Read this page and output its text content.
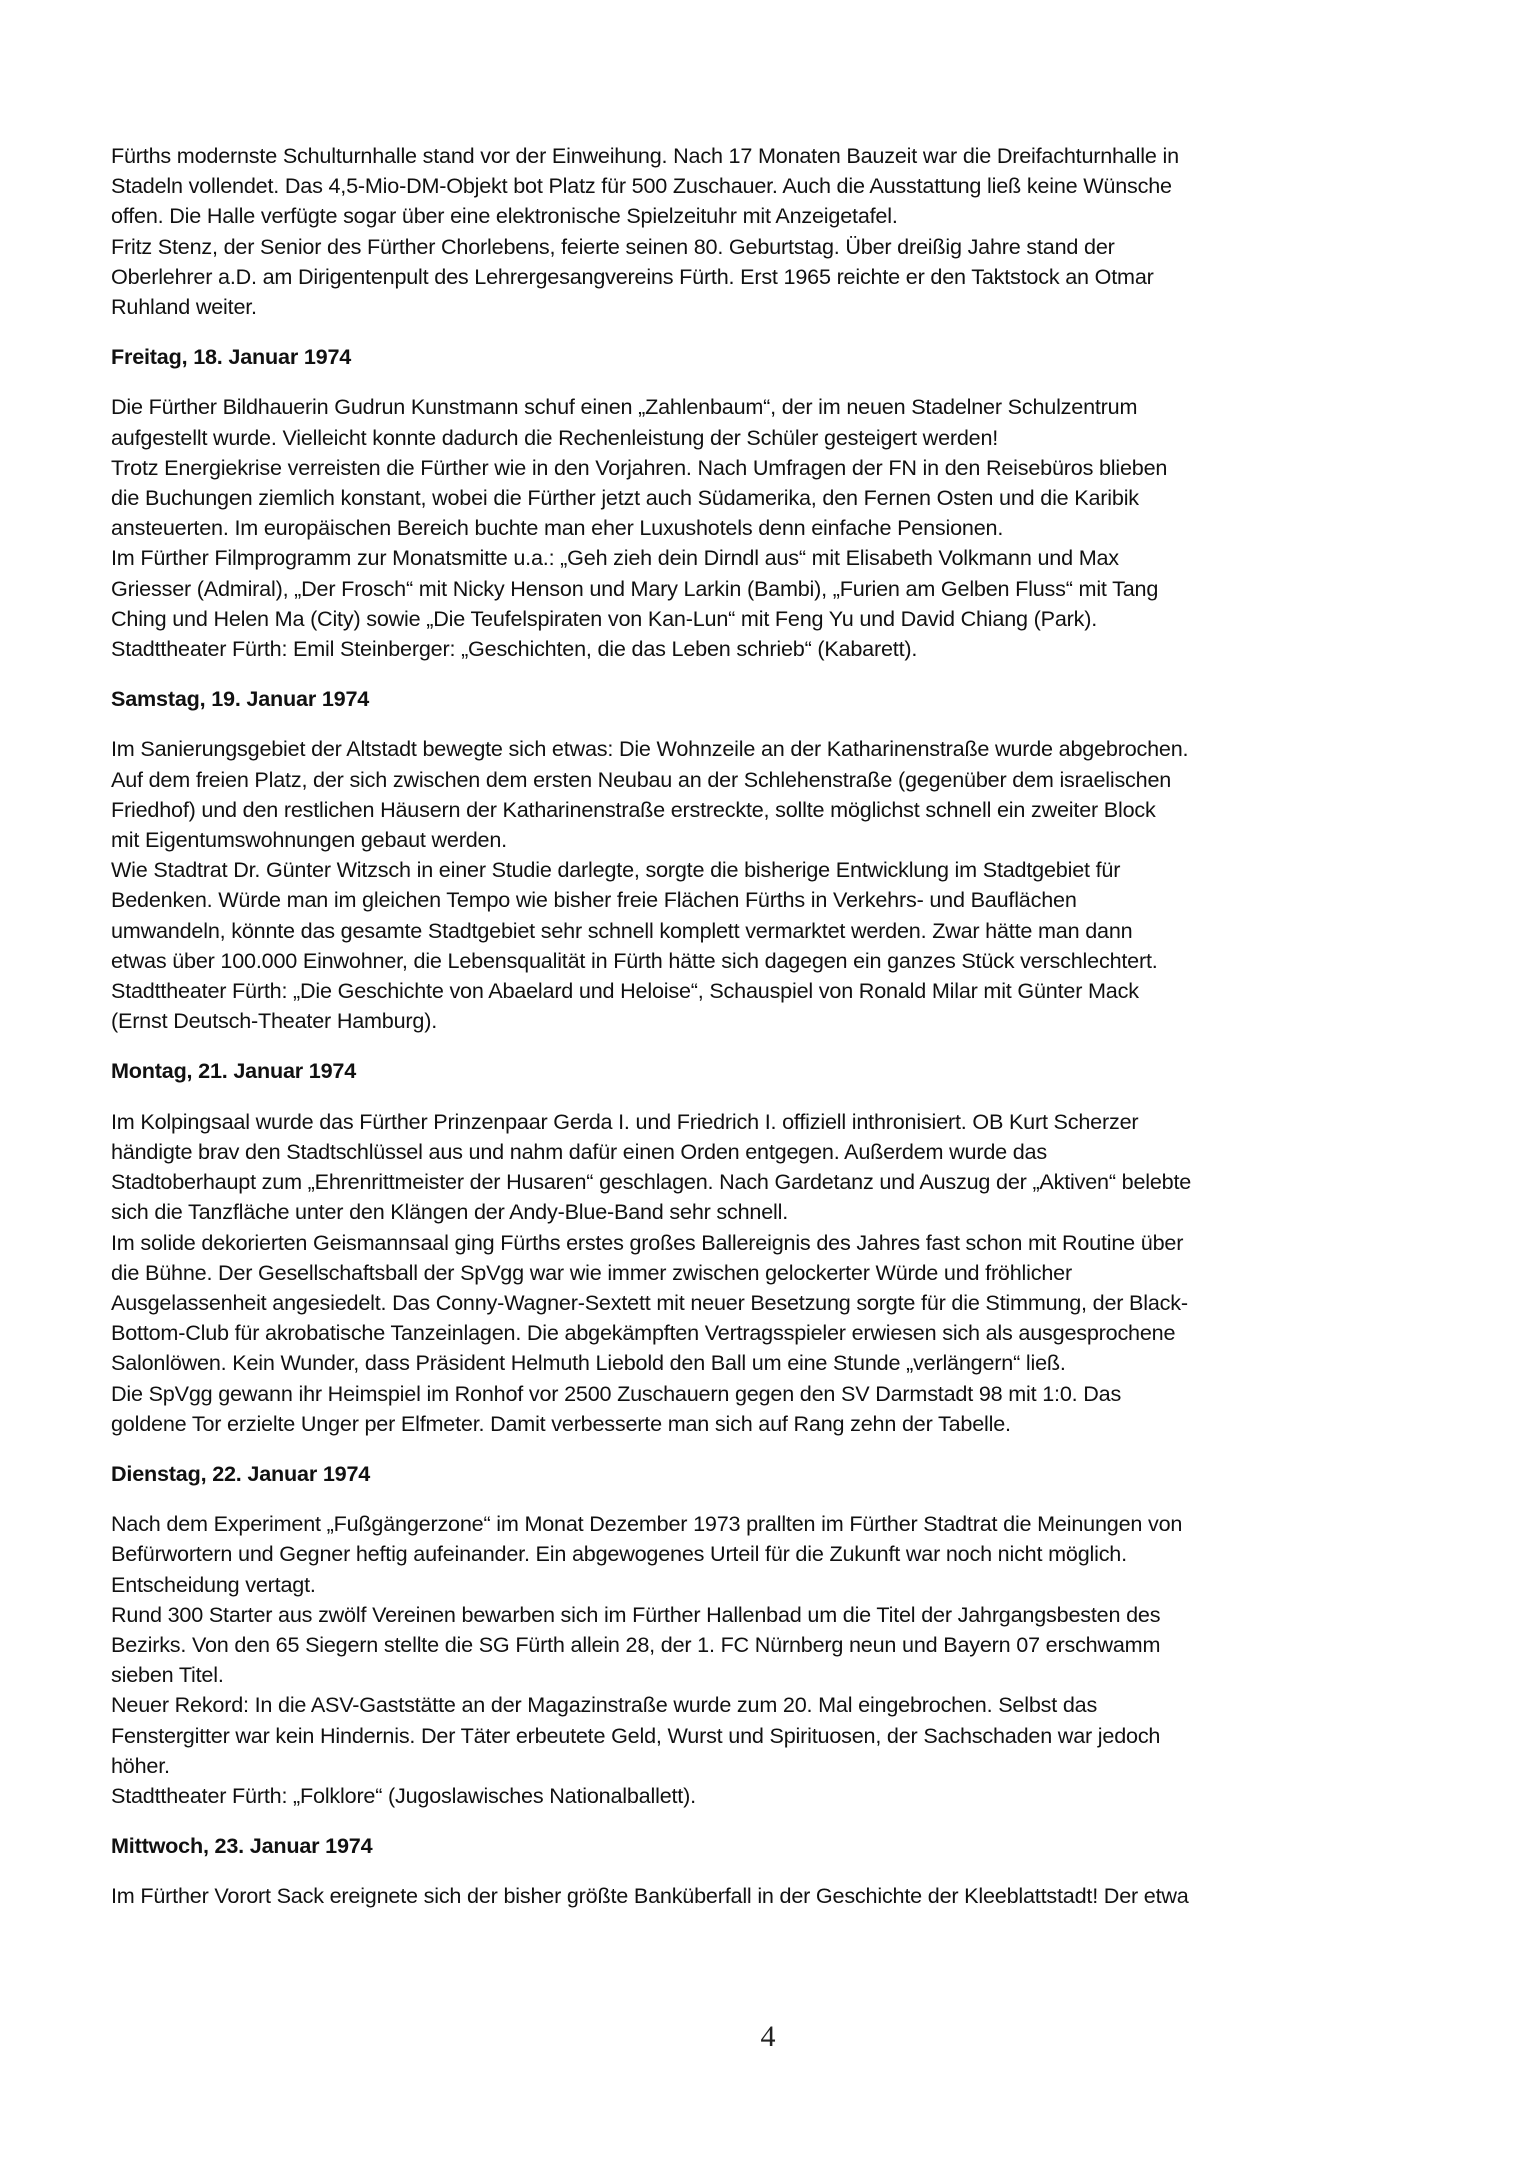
Fürths modernste Schulturnhalle stand vor der Einweihung. Nach 17 Monaten Bauzeit war die Dreifachturnhalle in

Stadeln vollendet. Das 4,5-Mio-DM-Objekt bot Platz für 500 Zuschauer. Auch die Ausstattung ließ keine Wünsche

offen. Die Halle verfügte sogar über eine elektronische Spielzeituhr mit Anzeigetafel.

Fritz Stenz, der Senior des Fürther Chorlebens, feierte seinen 80. Geburtstag. Über dreißig Jahre stand der

Oberlehrer a.D. am Dirigentenpult des Lehrergesangvereins Fürth. Erst 1965 reichte er den Taktstock an Otmar

Ruhland weiter.

Freitag, 18. Januar 1974

Die Fürther Bildhauerin Gudrun Kunstmann schuf einen „Zahlenbaum“, der im neuen Stadelner Schulzentrum

aufgestellt wurde. Vielleicht konnte dadurch die Rechenleistung der Schüler gesteigert werden!

Trotz Energiekrise verreisten die Fürther wie in den Vorjahren. Nach Umfragen der FN in den Reisebüros blieben

die Buchungen ziemlich konstant, wobei die Fürther jetzt auch Südamerika, den Fernen Osten und die Karibik

ansteuerten. Im europäischen Bereich buchte man eher Luxushotels denn einfache Pensionen.

Im Fürther Filmprogramm zur Monatsmitte u.a.: „Geh zieh dein Dirndl aus“ mit Elisabeth Volkmann und Max

Griesser (Admiral), „Der Frosch“ mit Nicky Henson und Mary Larkin (Bambi), „Furien am Gelben Fluss“ mit Tang

Ching und Helen Ma (City) sowie „Die Teufelspiraten von Kan-Lun“ mit Feng Yu und David Chiang (Park).

Stadttheater Fürth: Emil Steinberger: „Geschichten, die das Leben schrieb“ (Kabarett).

Samstag, 19. Januar 1974

Im Sanierungsgebiet der Altstadt bewegte sich etwas: Die Wohnzeile an der Katharinenstraße wurde abgebrochen.

Auf dem freien Platz, der sich zwischen dem ersten Neubau an der Schlehenstraße (gegenüber dem israelischen

Friedhof) und den restlichen Häusern der Katharinenstraße erstreckte, sollte möglichst schnell ein zweiter Block

mit Eigentumswohnungen gebaut werden.

Wie Stadtrat Dr. Günter Witzsch in einer Studie darlegte, sorgte die bisherige Entwicklung im Stadtgebiet für

Bedenken. Würde man im gleichen Tempo wie bisher freie Flächen Fürths in Verkehrs- und Bauflächen

umwandeln, könnte das gesamte Stadtgebiet sehr schnell komplett vermarktet werden. Zwar hätte man dann

etwas über 100.000 Einwohner, die Lebensqualität in Fürth hätte sich dagegen ein ganzes Stück verschlechtert.

Stadttheater Fürth: „Die Geschichte von Abaelard und Heloise“, Schauspiel von Ronald Milar mit Günter Mack

(Ernst Deutsch-Theater Hamburg).

Montag, 21. Januar 1974

Im Kolpingsaal wurde das Fürther Prinzenpaar Gerda I. und Friedrich I. offiziell inthronisiert. OB Kurt Scherzer

händigte brav den Stadtschlüssel aus und nahm dafür einen Orden entgegen. Außerdem wurde das

Stadtoberhaupt zum „Ehrenrittmeister der Husaren“ geschlagen. Nach Gardetanz und Auszug der „Aktiven“ belebte

sich die Tanzfläche unter den Klängen der Andy-Blue-Band sehr schnell.

Im solide dekorierten Geismannsaal ging Fürths erstes großes Ballereignis des Jahres fast schon mit Routine über

die Bühne. Der Gesellschaftsball der SpVgg war wie immer zwischen gelockerter Würde und fröhlicher

Ausgelassenheit angesiedelt. Das Conny-Wagner-Sextett mit neuer Besetzung sorgte für die Stimmung, der Black-

Bottom-Club für akrobatische Tanzeinlagen. Die abgekämpften Vertragsspieler erwiesen sich als ausgesprochene

Salonlöwen. Kein Wunder, dass Präsident Helmuth Liebold den Ball um eine Stunde „verlängern“ ließ.

Die SpVgg gewann ihr Heimspiel im Ronhof vor 2500 Zuschauern gegen den SV Darmstadt 98 mit 1:0. Das

goldene Tor erzielte Unger per Elfmeter. Damit verbesserte man sich auf Rang zehn der Tabelle.

Dienstag, 22. Januar 1974

Nach dem Experiment „Fußgängerzone“ im Monat Dezember 1973 prallten im Fürther Stadtrat die Meinungen von

Befürwortern und Gegner heftig aufeinander. Ein abgewogenes Urteil für die Zukunft war noch nicht möglich.

Entscheidung vertagt.

Rund 300 Starter aus zwölf Vereinen bewarben sich im Fürther Hallenbad um die Titel der Jahrgangsbesten des

Bezirks. Von den 65 Siegern stellte die SG Fürth allein 28, der 1. FC Nürnberg neun und Bayern 07 erschwamm

sieben Titel.

Neuer Rekord: In die ASV-Gaststätte an der Magazinstraße wurde zum 20. Mal eingebrochen. Selbst das

Fenstergitter war kein Hindernis. Der Täter erbeutete Geld, Wurst und Spirituosen, der Sachschaden war jedoch

höher.

Stadttheater Fürth: „Folklore“ (Jugoslawisches Nationalballett).

Mittwoch, 23. Januar 1974

Im Fürther Vorort Sack ereignete sich der bisher größte Banküberfall in der Geschichte der Kleeblattstadt! Der etwa

4
